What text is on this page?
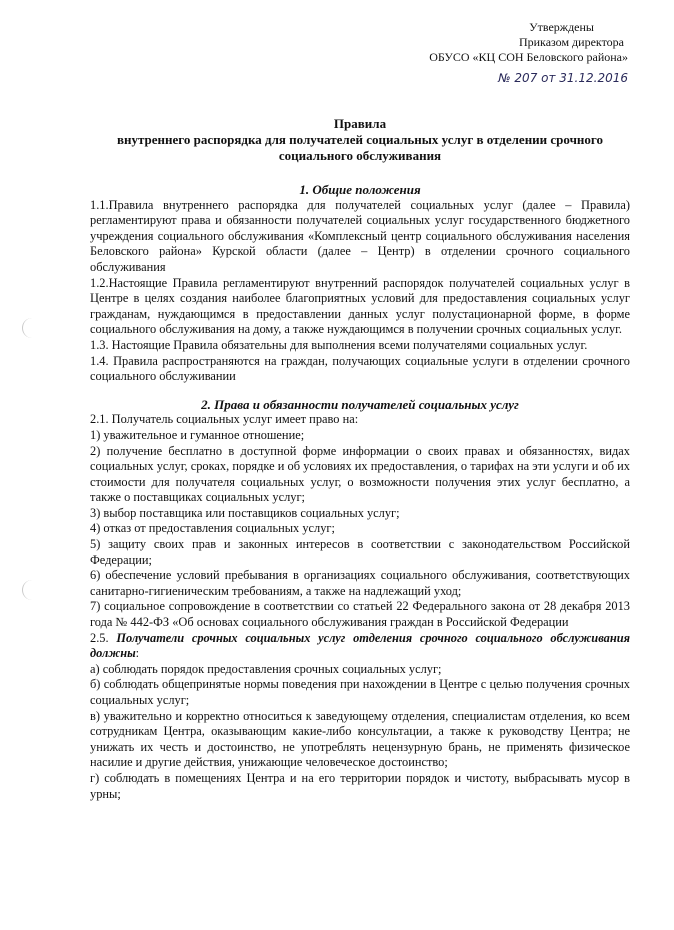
Утверждены
Приказом директора
ОБУСО «КЦ СОН Беловского района»
№ 207 от 31.12.2016
Правила
внутреннего распорядка для получателей социальных услуг в отделении срочного
социального обслуживания
1. Общие положения

1.1.Правила внутреннего распорядка для получателей социальных услуг (далее – Правила) регламентируют права и обязанности получателей социальных услуг государственного бюджетного учреждения социального обслуживания «Комплексный центр социального обслуживания населения Беловского района» Курской области (далее – Центр) в отделении срочного социального обслуживания

1.2.Настоящие Правила регламентируют внутренний распорядок получателей социальных услуг в Центре в целях создания наиболее благоприятных условий для предоставления социальных услуг гражданам, нуждающимся в предоставлении данных услуг полустационарной форме, в форме социального обслуживания на дому, а также нуждающимся в получении срочных социальных услуг.

1.3. Настоящие Правила обязательны для выполнения всеми получателями социальных услуг.

1.4. Правила распространяются на граждан, получающих социальные услуги в отделении срочного социального обслуживании

2. Права и обязанности получателей социальных услуг

2.1. Получатель социальных услуг имеет право на:

1) уважительное и гуманное отношение;

2) получение бесплатно в доступной форме информации о своих правах и обязанностях, видах социальных услуг, сроках, порядке и об условиях их предоставления, о тарифах на эти услуги и об их стоимости для получателя социальных услуг, о возможности получения этих услуг бесплатно, а также о поставщиках социальных услуг;

3) выбор поставщика или поставщиков социальных услуг;

4) отказ от предоставления социальных услуг;

5) защиту своих прав и законных интересов в соответствии с законодательством Российской Федерации;

6) обеспечение условий пребывания в организациях социального обслуживания, соответствующих санитарно-гигиеническим требованиям, а также на надлежащий уход;

7) социальное сопровождение в соответствии со статьей 22 Федерального закона от 28 декабря 2013 года № 442-ФЗ «Об основах социального обслуживания граждан в Российской Федерации

2.5. Получатели срочных социальных услуг отделения срочного социального обслуживания должны:

а) соблюдать порядок предоставления срочных социальных услуг;

б) соблюдать общепринятые нормы поведения при нахождении в Центре с целью получения срочных социальных услуг;

в) уважительно и корректно относиться к заведующему отделения, специалистам отделения, ко всем сотрудникам Центра, оказывающим какие-либо консультации, а также к руководству Центра; не унижать их честь и достоинство, не употреблять нецензурную брань, не применять физическое насилие и другие действия, унижающие человеческое достоинство;

г) соблюдать в помещениях Центра и на его территории порядок и чистоту, выбрасывать мусор в урны;
